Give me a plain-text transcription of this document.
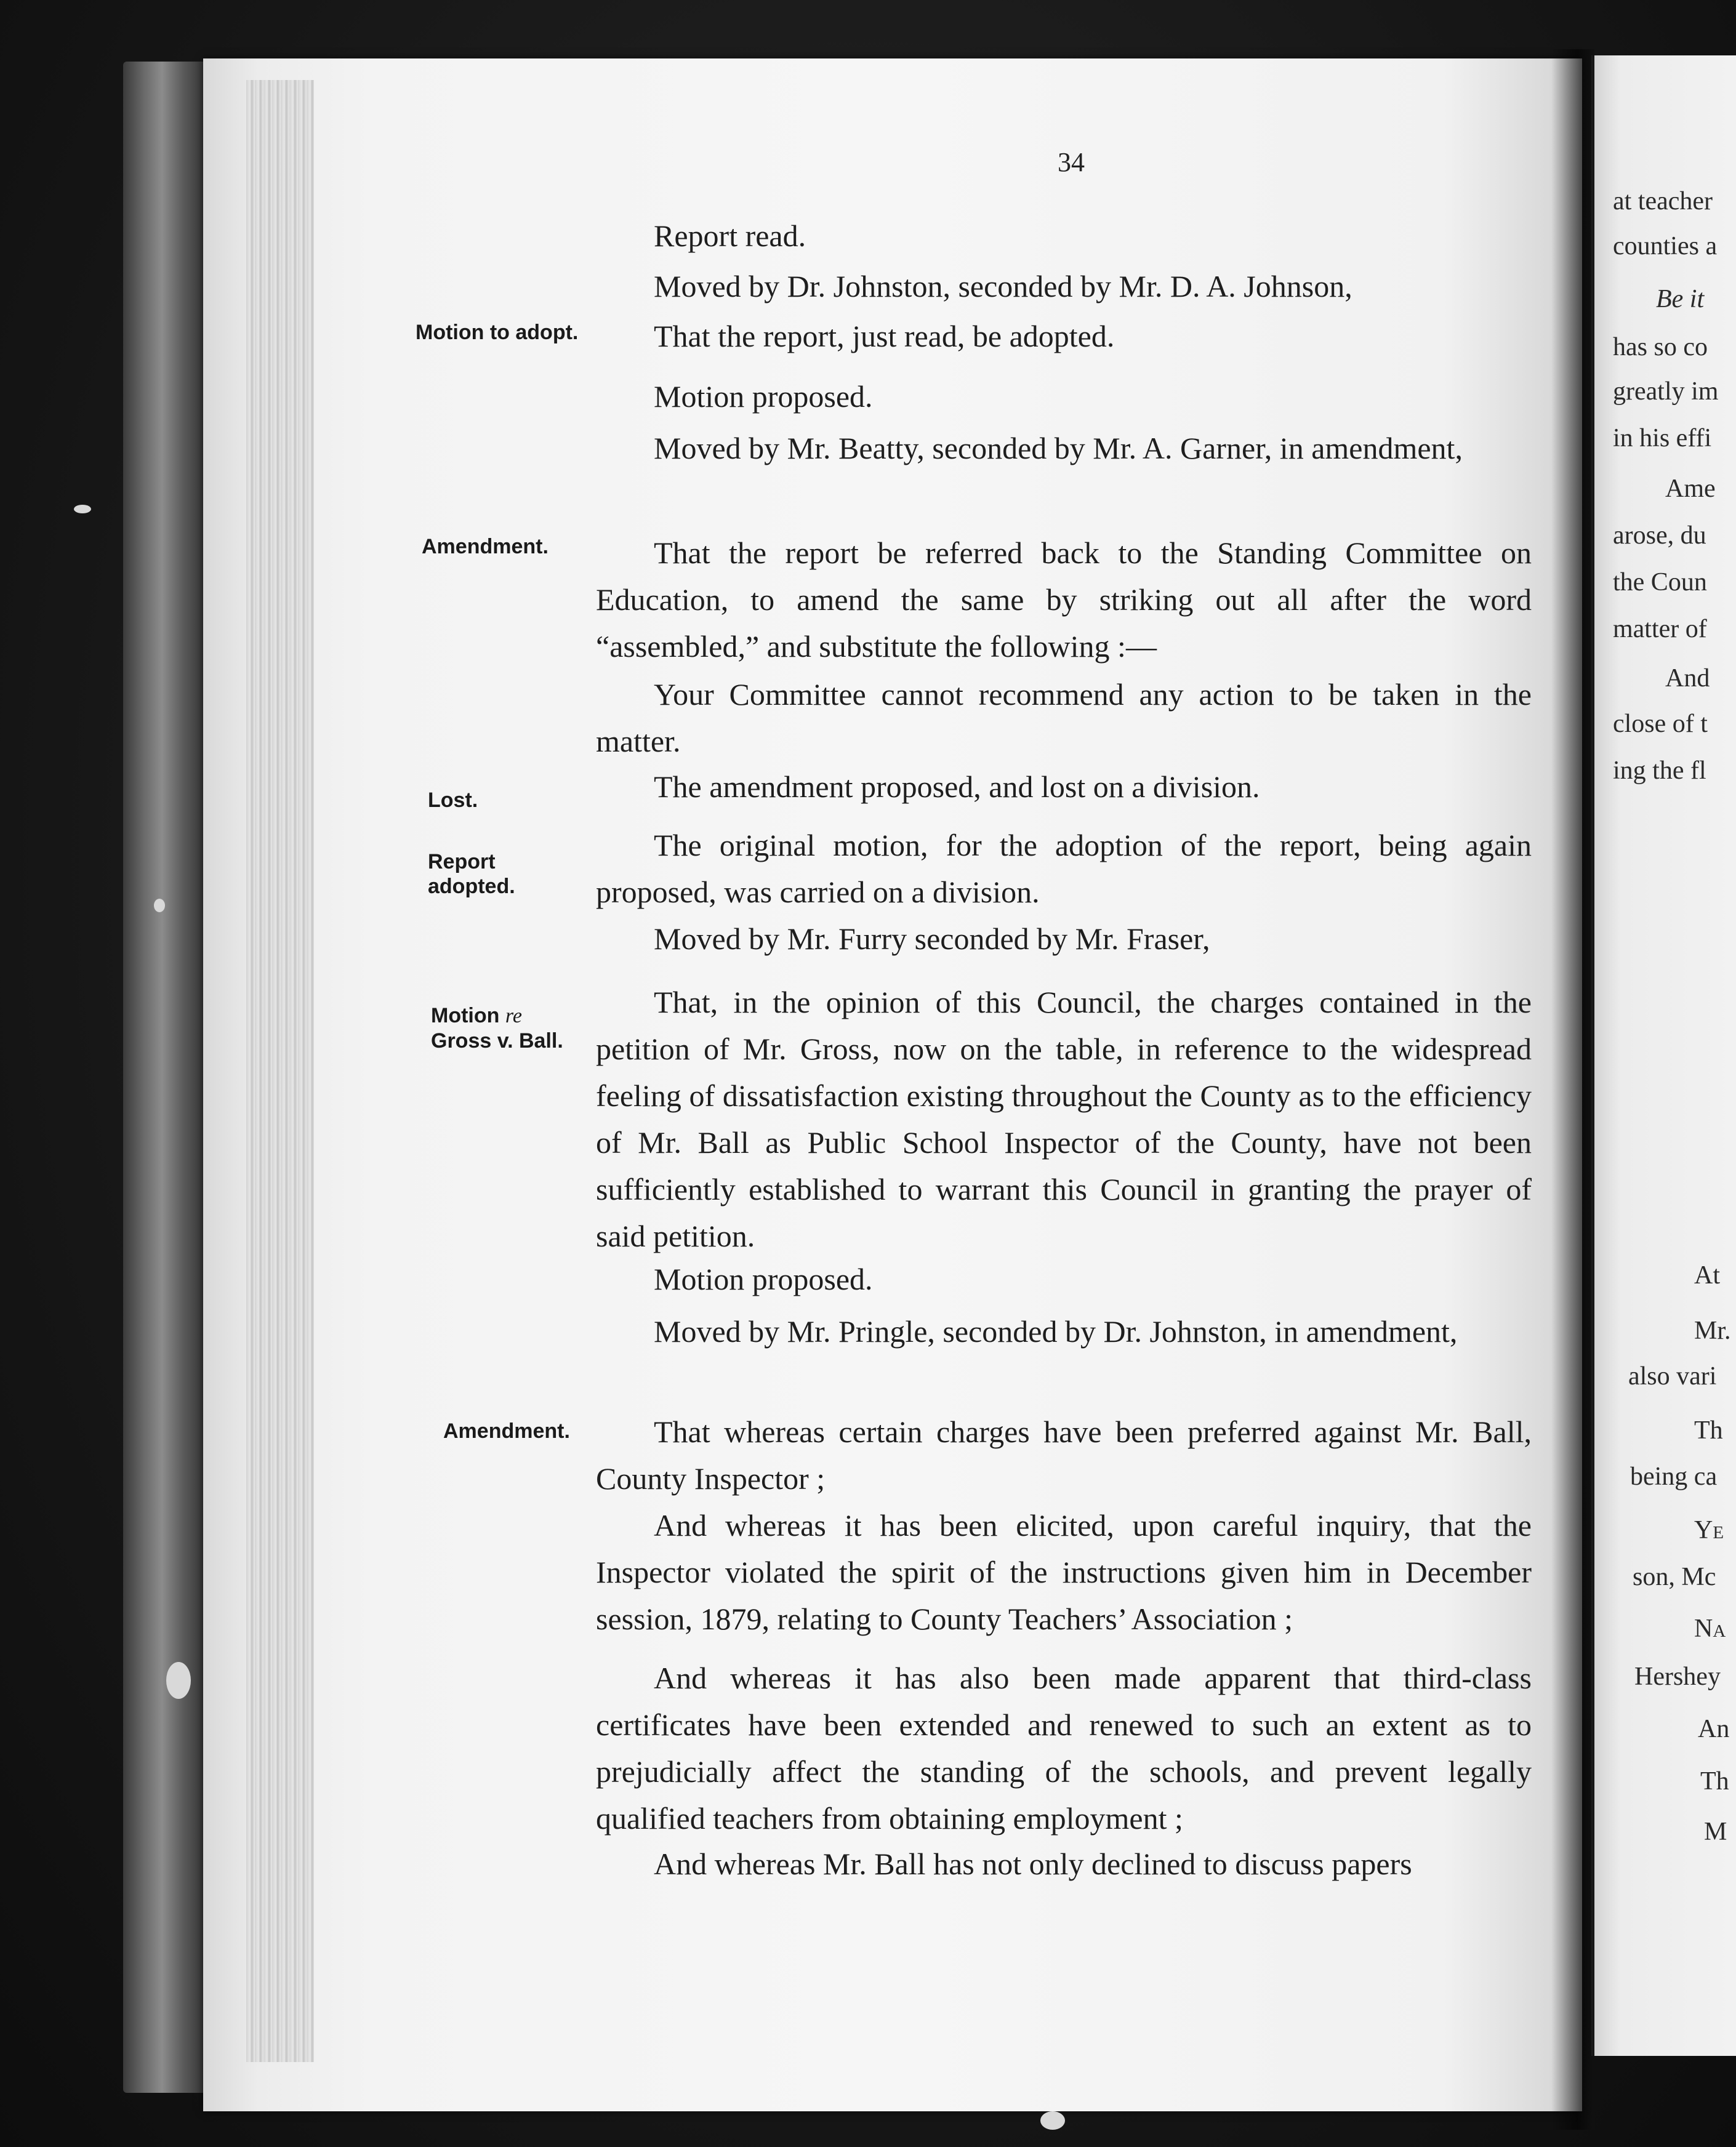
34

Report read.

Moved by Dr. Johnston, seconded by Mr. D. A. Johnson,

That the report, just read, be adopted.

Motion proposed.

Moved by Mr. Beatty, seconded by Mr. A. Garner, in amendment,

That the report be referred back to the Standing Committee on Education, to amend the same by striking out all after the word “assembled,” and substitute the following :—

Your Committee cannot recommend any action to be taken in the matter.

The amendment proposed, and lost on a division.

The original motion, for the adoption of the report, being again proposed, was carried on a division.

Moved by Mr. Furry seconded by Mr. Fraser,

That, in the opinion of this Council, the charges contained in the petition of Mr. Gross, now on the table, in reference to the widespread feeling of dissatisfaction existing throughout the County as to the efficiency of Mr. Ball as Public School Inspector of the County, have not been sufficiently established to warrant this Council in granting the prayer of said petition.

Motion proposed.

Moved by Mr. Pringle, seconded by Dr. Johnston, in amendment,

That whereas certain charges have been preferred against Mr. Ball, County Inspector ;

And whereas it has been elicited, upon careful inquiry, that the Inspector violated the spirit of the instructions given him in December session, 1879, relating to County Teachers’ Association ;

And whereas it has also been made apparent that third-class certificates have been extended and renewed to such an extent as to prejudicially affect the standing of the schools, and prevent legally qualified teachers from obtaining employment ;

And whereas Mr. Ball has not only declined to discuss papers

Motion to adopt.

Amendment.

Lost.

Report adopted.

Motion re
Gross v. Ball.

Amendment.

at teacher

counties a

Be it

has so co

greatly im

in his effi

Ame

arose, du

the Coun

matter of

And

close of t

ing the fl

At

Mr.

also vari

Th

being ca

Ye

son, Mc

Na

Hershey

An

Th

M
